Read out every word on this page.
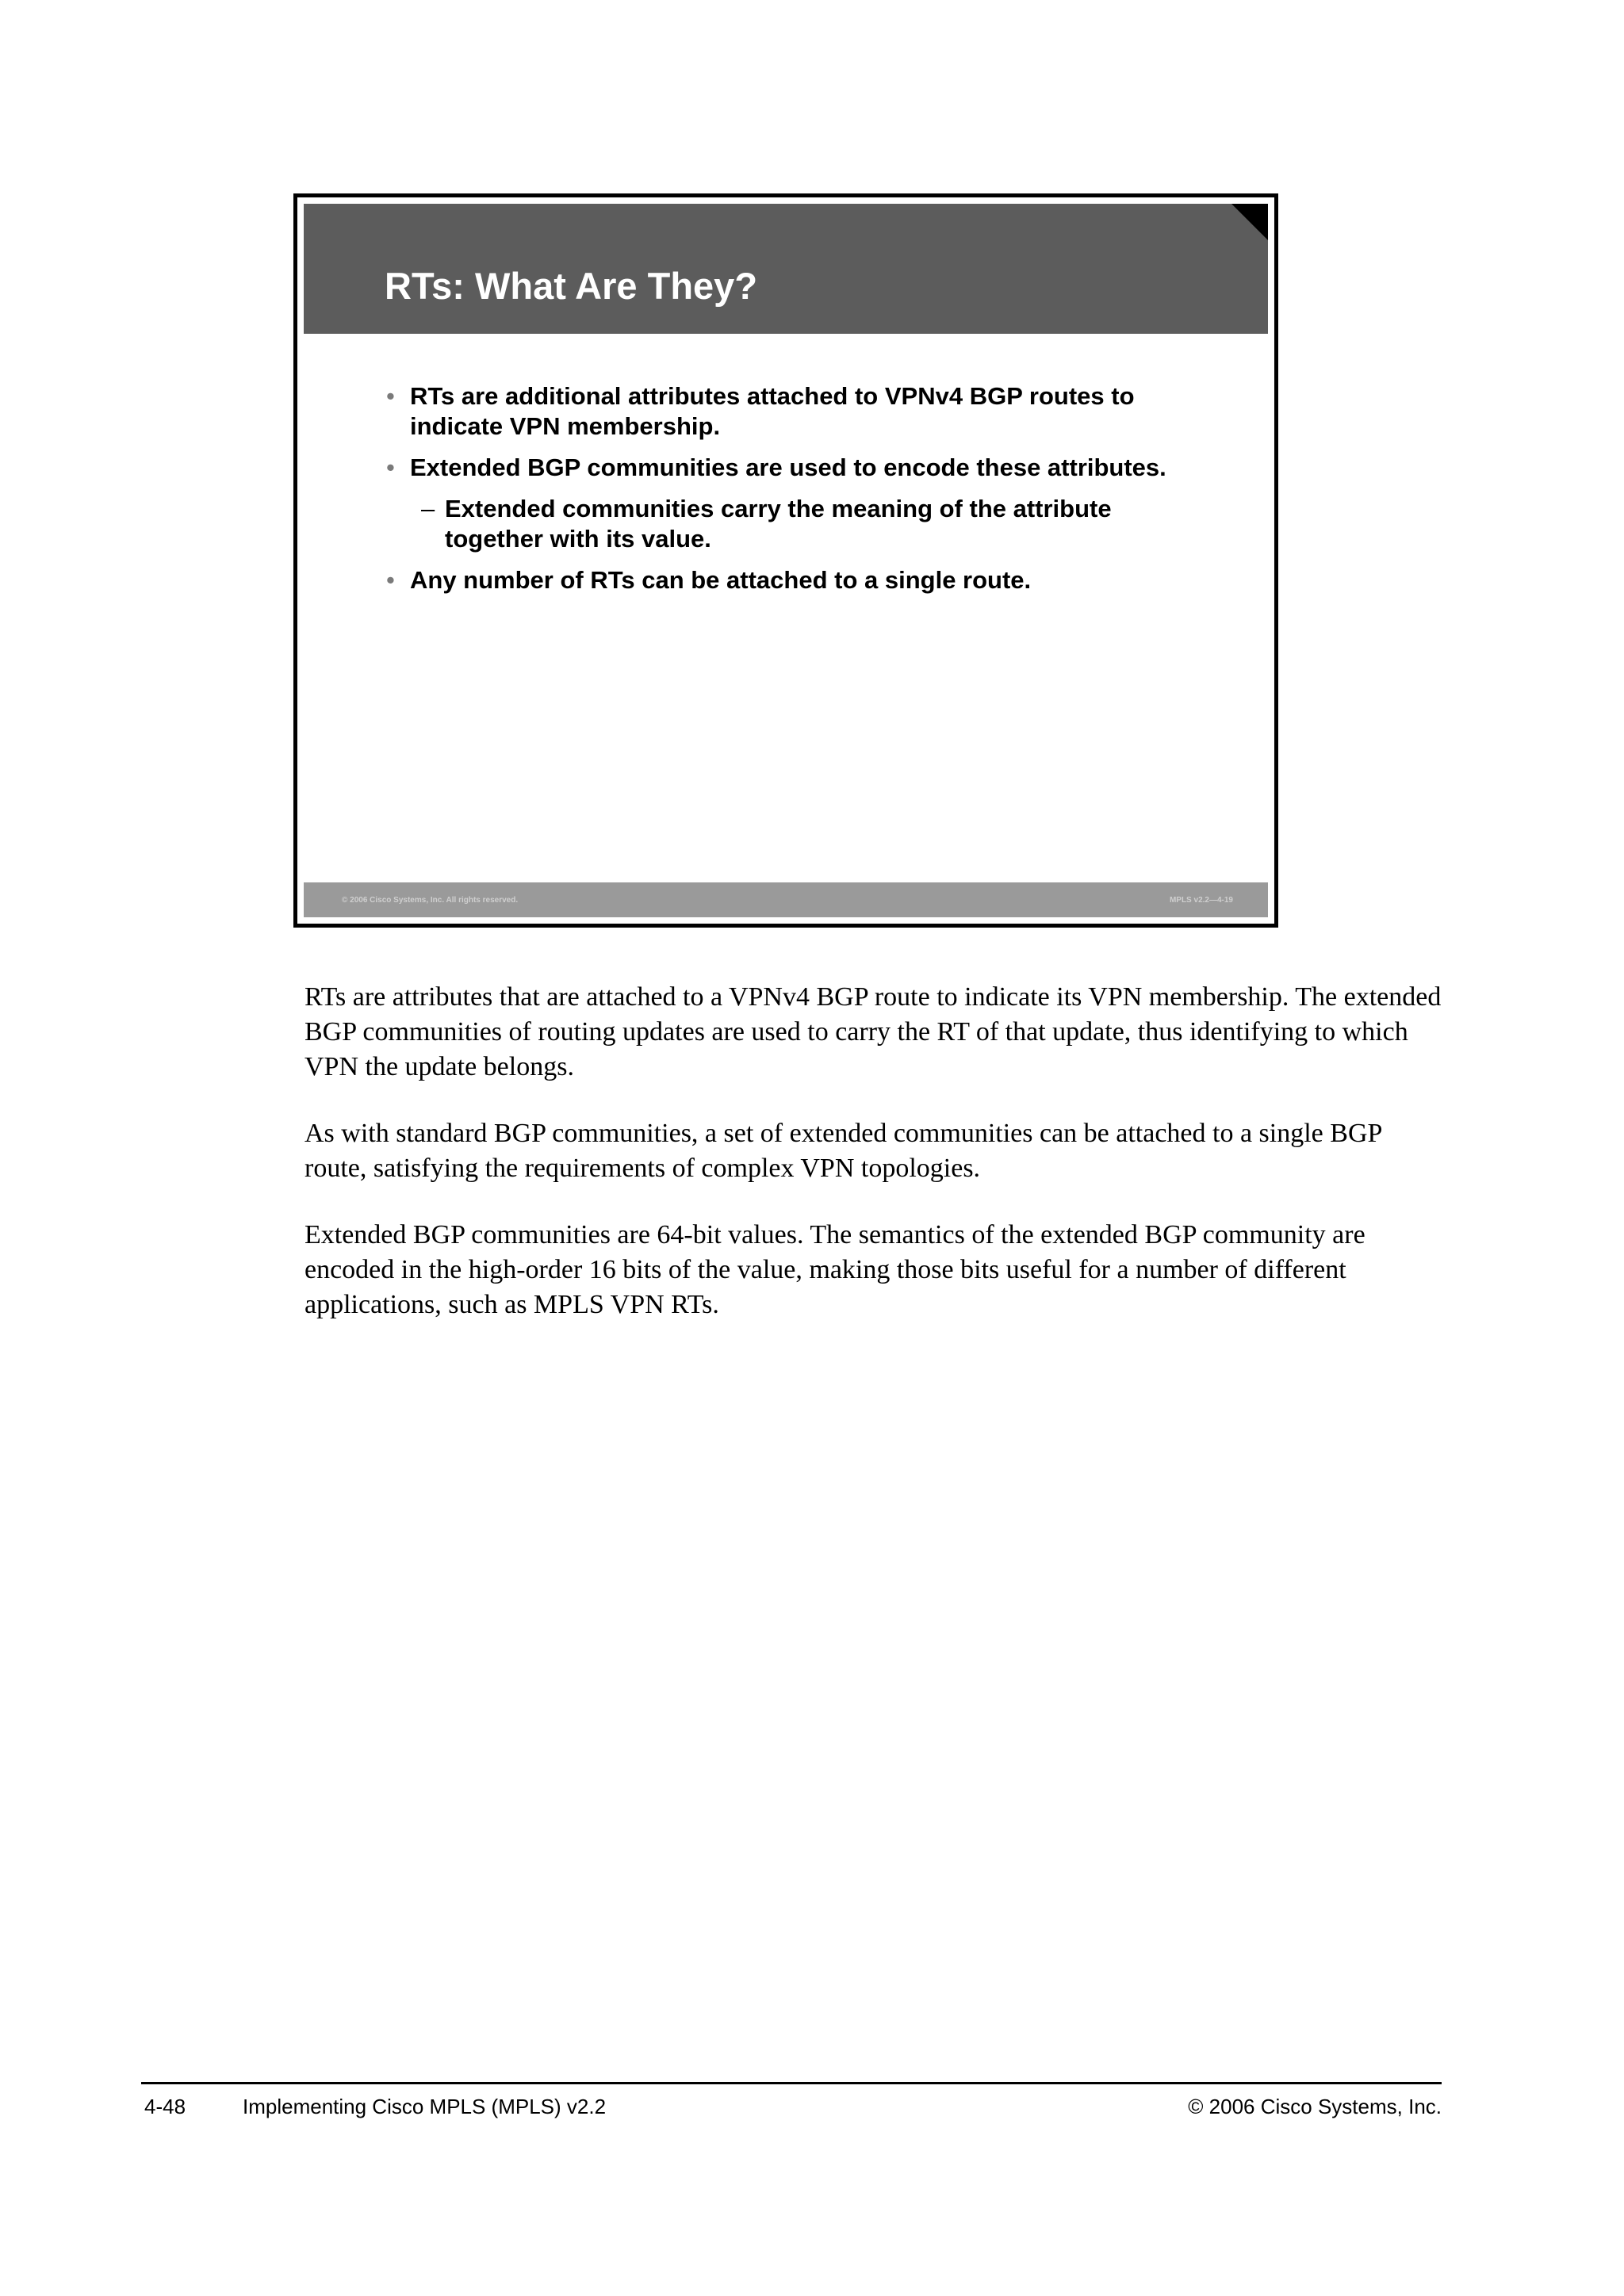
RTs: What Are They?
• RTs are additional attributes attached to VPNv4 BGP routes to indicate VPN membership.
• Extended BGP communities are used to encode these attributes.
– Extended communities carry the meaning of the attribute together with its value.
• Any number of RTs can be attached to a single route.
© 2006 Cisco Systems, Inc. All rights reserved.	MPLS v2.2—4-19

RTs are attributes that are attached to a VPNv4 BGP route to indicate its VPN membership. The extended BGP communities of routing updates are used to carry the RT of that update, thus identifying to which VPN the update belongs.

As with standard BGP communities, a set of extended communities can be attached to a single BGP route, satisfying the requirements of complex VPN topologies.

Extended BGP communities are 64-bit values. The semantics of the extended BGP community are encoded in the high-order 16 bits of the value, making those bits useful for a number of different applications, such as MPLS VPN RTs.

4-48	Implementing Cisco MPLS (MPLS) v2.2	© 2006 Cisco Systems, Inc.
